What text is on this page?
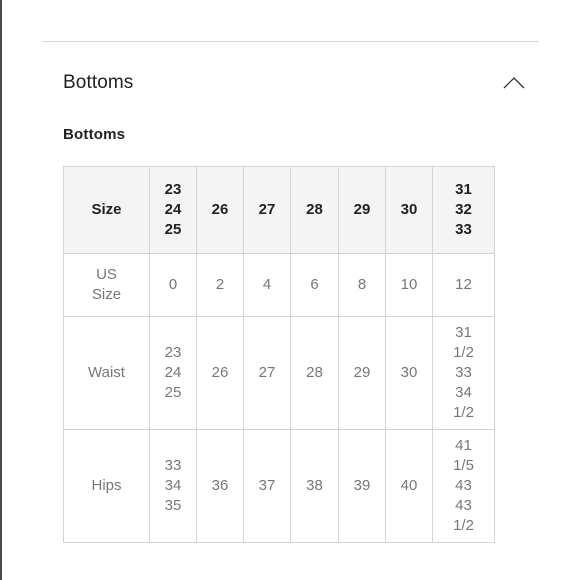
Bottoms
Bottoms
Size	23
24
25	26	27	28	29	30	31
32
33

US
Size	0	2	4	6	8	10	12
Waist	23
24
25	26	27	28	29	30	31
1/2
33
34
1/2

Hips	33
34
35	36	37	38	39	40	41
1/5
43
43
1/2
